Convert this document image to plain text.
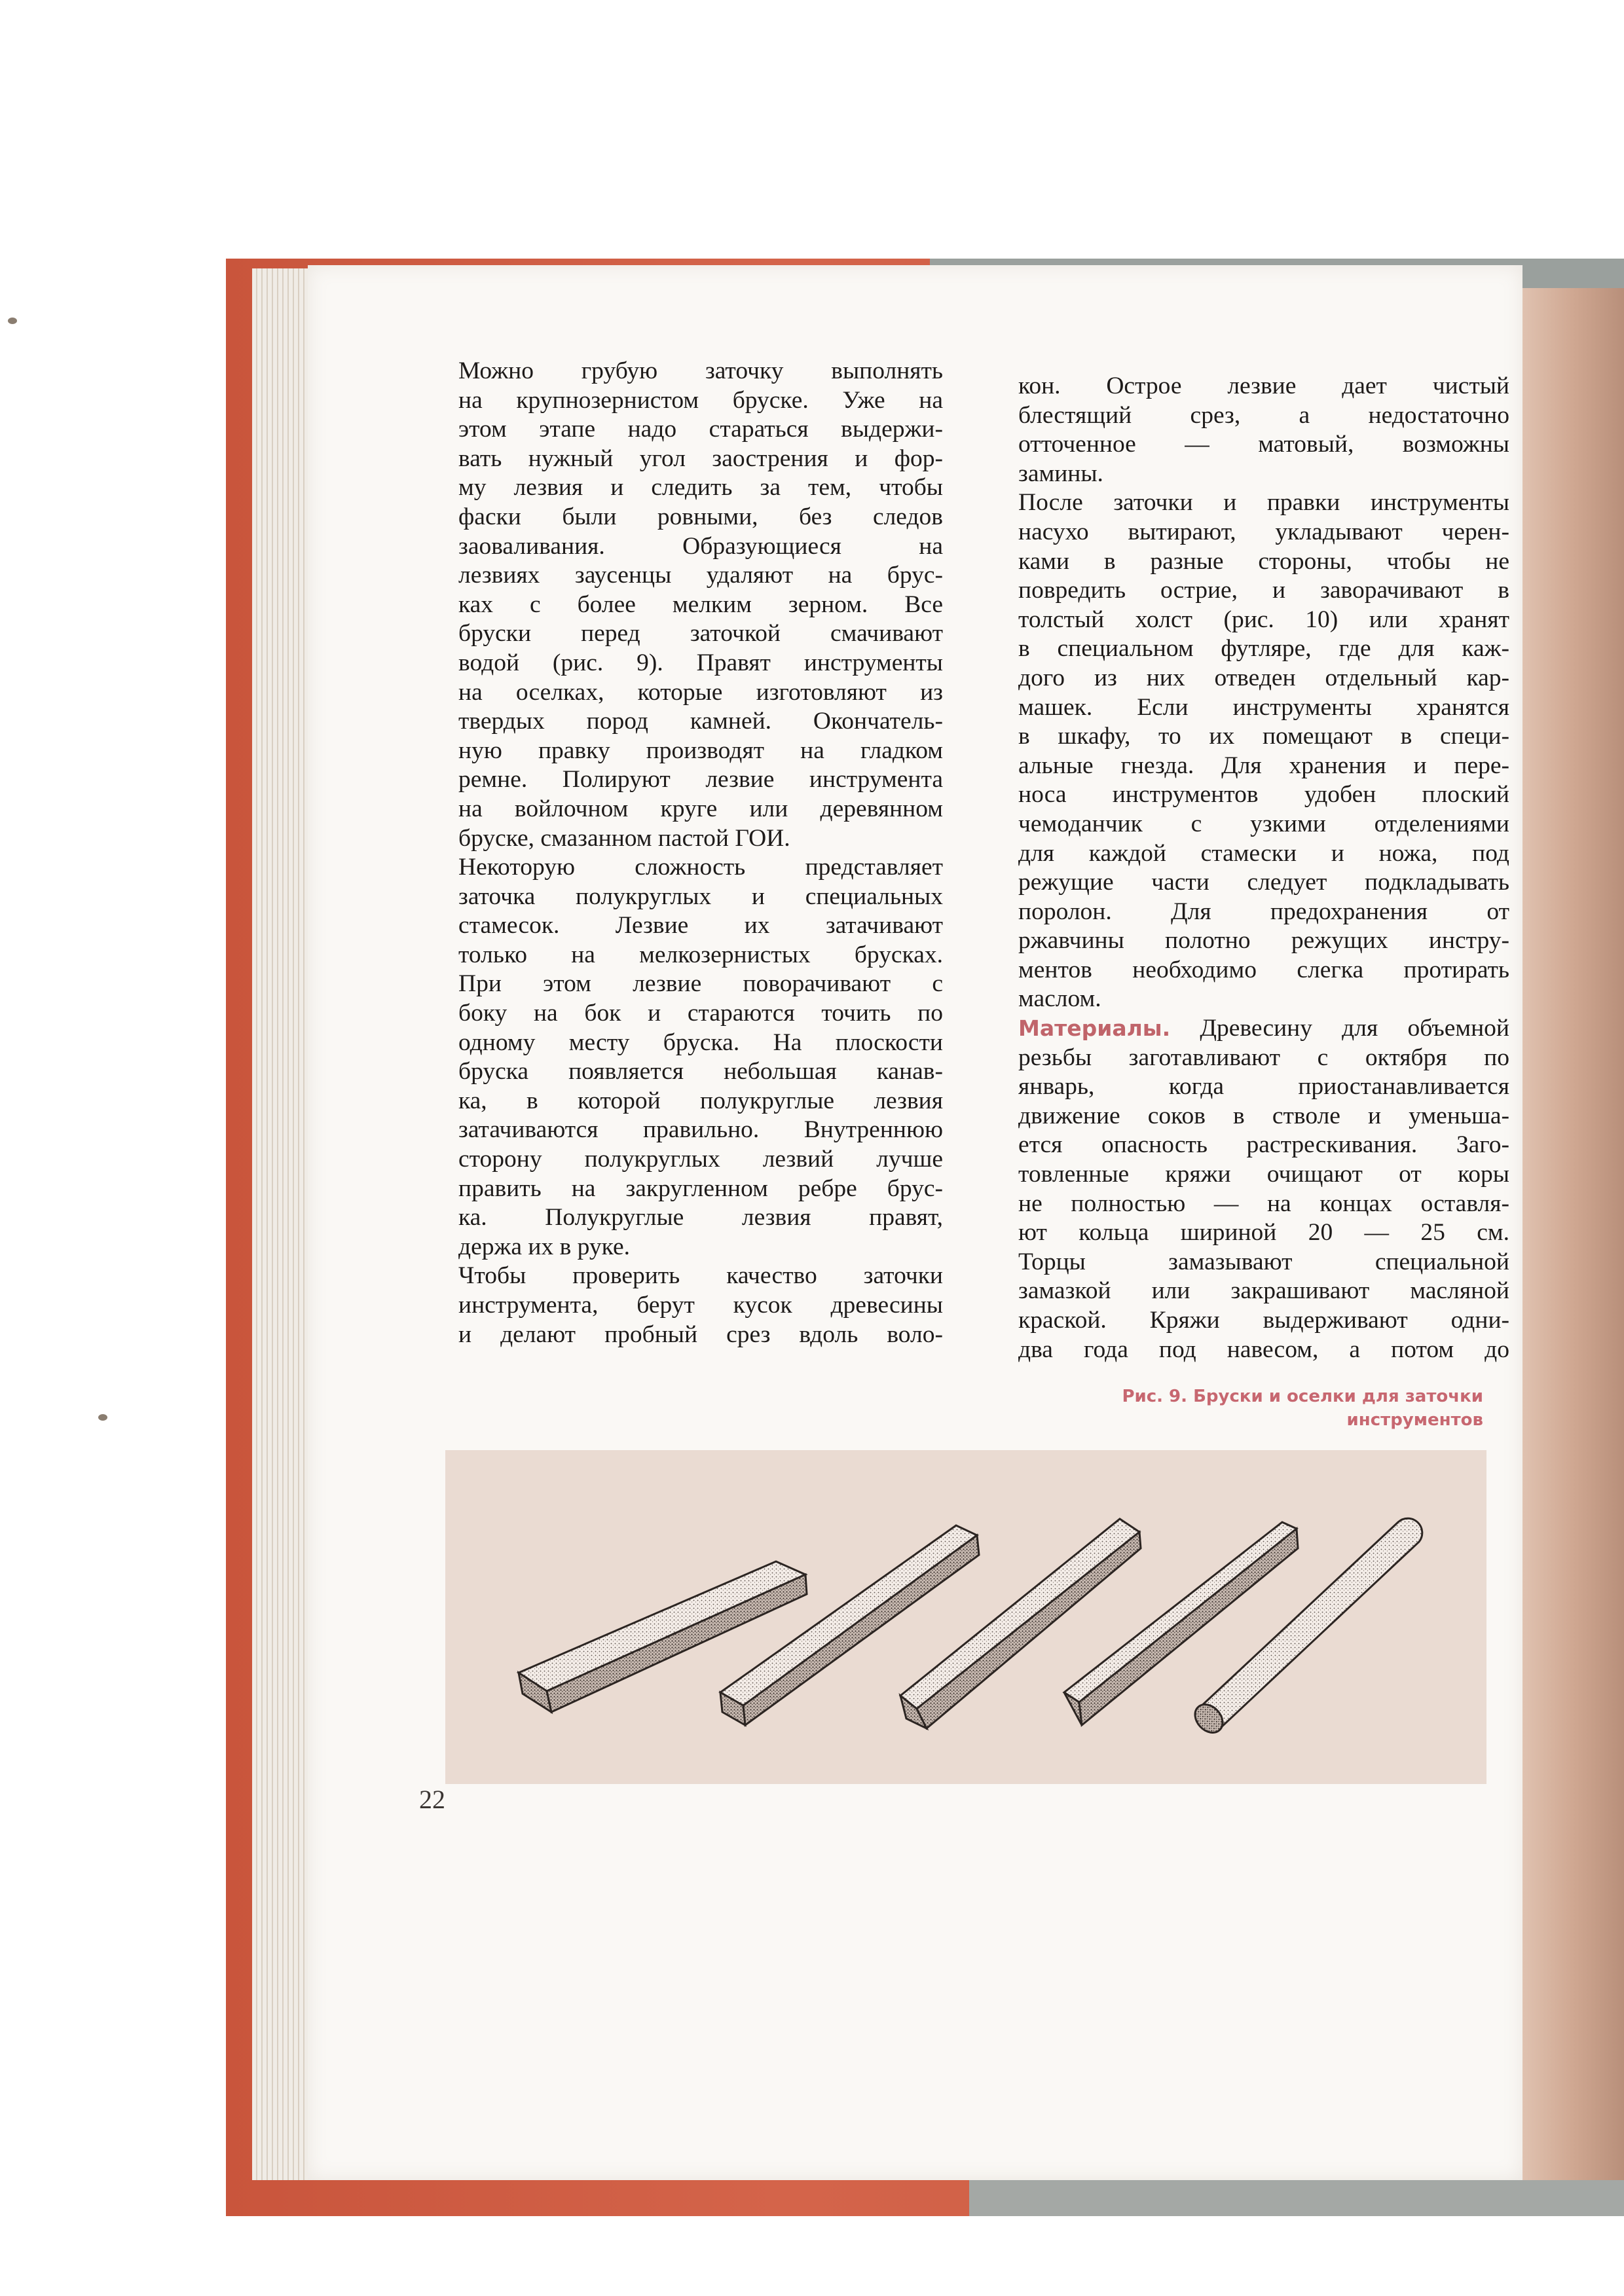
Можно грубую заточку выполнять
на крупнозернистом бруске. Уже на
этом этапе надо стараться выдержи-
вать нужный угол заострения и фор-
му лезвия и следить за тем, чтобы
фаски были ровными, без следов
заоваливания. Образующиеся на
лезвиях заусенцы удаляют на брус-
ках с более мелким зерном. Все
бруски перед заточкой смачивают
водой (рис. 9). Правят инструменты
на оселках, которые изготовляют из
твердых пород камней. Окончатель-
ную правку производят на гладком
ремне. Полируют лезвие инструмента
на войлочном круге или деревянном
бруске, смазанном пастой ГОИ.
Некоторую сложность представляет
заточка полукруглых и специальных
стамесок. Лезвие их затачивают
только на мелкозернистых брусках.
При этом лезвие поворачивают с
боку на бок и стараются точить по
одному месту бруска. На плоскости
бруска появляется небольшая канав-
ка, в которой полукруглые лезвия
затачиваются правильно. Внутреннюю
сторону полукруглых лезвий лучше
править на закругленном ребре брус-
ка. Полукруглые лезвия правят,
держа их в руке.
Чтобы проверить качество заточки
инструмента, берут кусок древесины
и делают пробный срез вдоль воло-
кон. Острое лезвие дает чистый
блестящий срез, а недостаточно
отточенное — матовый, возможны
замины.
После заточки и правки инструменты
насухо вытирают, укладывают черен-
ками в разные стороны, чтобы не
повредить острие, и заворачивают в
толстый холст (рис. 10) или хранят
в специальном футляре, где для каж-
дого из них отведен отдельный кар-
машек. Если инструменты хранятся
в шкафу, то их помещают в специ-
альные гнезда. Для хранения и пере-
носа инструментов удобен плоский
чемоданчик с узкими отделениями
для каждой стамески и ножа, под
режущие части следует подкладывать
поролон. Для предохранения от
ржавчины полотно режущих инстру-
ментов необходимо слегка протирать
маслом.
Материалы. Древесину для объемной
резьбы заготавливают с октября по
январь, когда приостанавливается
движение соков в стволе и уменьша-
ется опасность растрескивания. Заго-
товленные кряжи очищают от коры
не полностью — на концах оставля-
ют кольца шириной 20 — 25 см.
Торцы замазывают специальной
замазкой или закрашивают масляной
краской. Кряжи выдерживают одни-
два года под навесом, а потом до
Рис. 9. Бруски и оселки для заточки
инструментов
22
